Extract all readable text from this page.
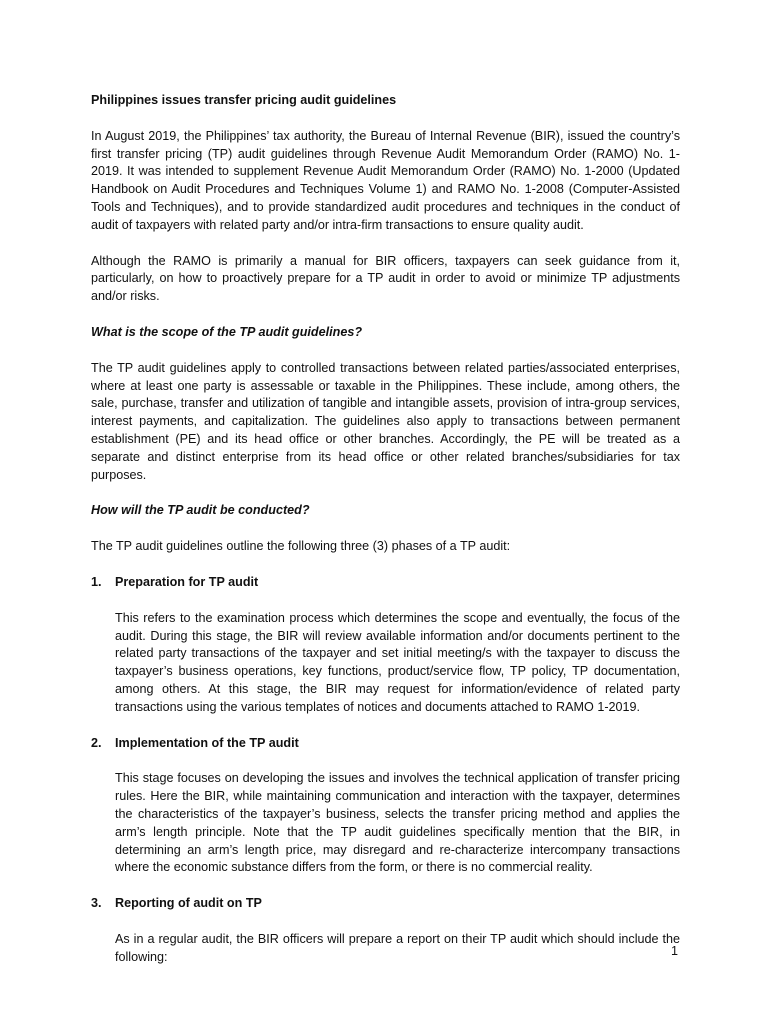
Philippines issues transfer pricing audit guidelines

In August 2019, the Philippines’ tax authority, the Bureau of Internal Revenue (BIR), issued the country’s first transfer pricing (TP) audit guidelines through Revenue Audit Memorandum Order (RAMO) No. 1-2019. It was intended to supplement Revenue Audit Memorandum Order (RAMO) No. 1-2000 (Updated Handbook on Audit Procedures and Techniques Volume 1) and RAMO No. 1-2008 (Computer-Assisted Tools and Techniques), and to provide standardized audit procedures and techniques in the conduct of audit of taxpayers with related party and/or intra-firm transactions to ensure quality audit.

Although the RAMO is primarily a manual for BIR officers, taxpayers can seek guidance from it, particularly, on how to proactively prepare for a TP audit in order to avoid or minimize TP adjustments and/or risks.

What is the scope of the TP audit guidelines?

The TP audit guidelines apply to controlled transactions between related parties/associated enterprises, where at least one party is assessable or taxable in the Philippines. These include, among others, the sale, purchase, transfer and utilization of tangible and intangible assets, provision of intra-group services, interest payments, and capitalization. The guidelines also apply to transactions between permanent establishment (PE) and its head office or other branches. Accordingly, the PE will be treated as a separate and distinct enterprise from its head office or other related branches/subsidiaries for tax purposes.

How will the TP audit be conducted?

The TP audit guidelines outline the following three (3) phases of a TP audit:

1. Preparation for TP audit
This refers to the examination process which determines the scope and eventually, the focus of the audit. During this stage, the BIR will review available information and/or documents pertinent to the related party transactions of the taxpayer and set initial meeting/s with the taxpayer to discuss the taxpayer’s business operations, key functions, product/service flow, TP policy, TP documentation, among others. At this stage, the BIR may request for information/evidence of related party transactions using the various templates of notices and documents attached to RAMO 1-2019.
2. Implementation of the TP audit
This stage focuses on developing the issues and involves the technical application of transfer pricing rules. Here the BIR, while maintaining communication and interaction with the taxpayer, determines the characteristics of the taxpayer’s business, selects the transfer pricing method and applies the arm’s length principle. Note that the TP audit guidelines specifically mention that the BIR, in determining an arm’s length price, may disregard and re-characterize intercompany transactions where the economic substance differs from the form, or there is no commercial reality.
3. Reporting of audit on TP
As in a regular audit, the BIR officers will prepare a report on their TP audit which should include the following:	1
